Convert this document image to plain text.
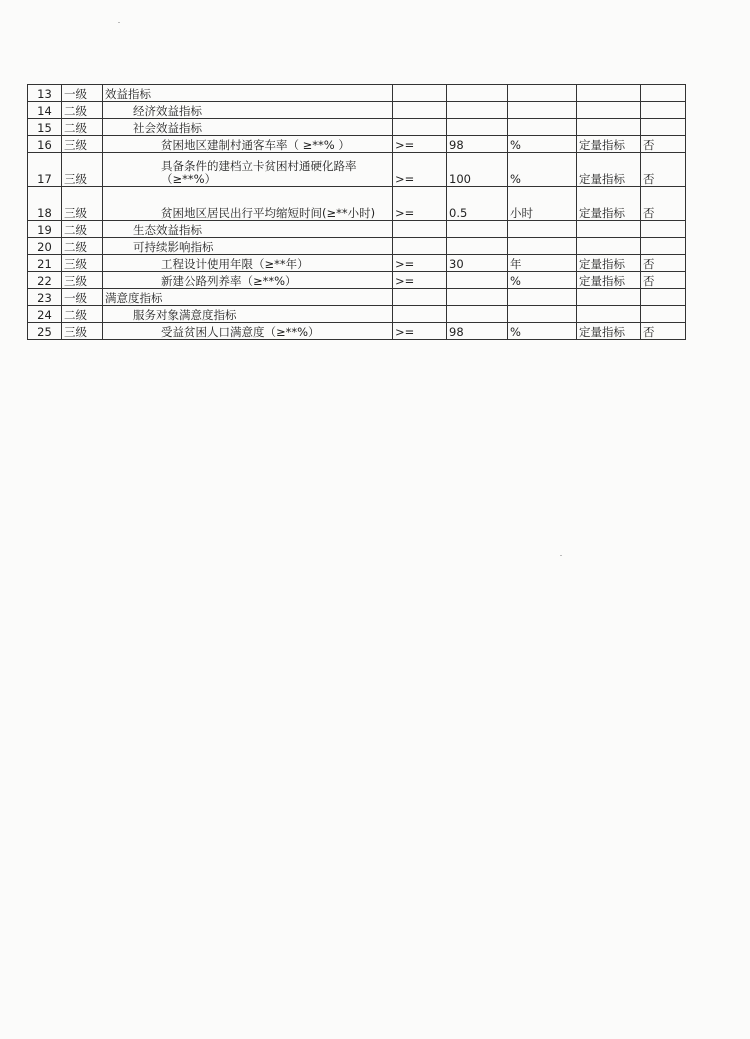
13	一级	效益指标					
14	二级	经济效益指标					
15	二级	社会效益指标					
16	三级	贫困地区建制村通客车率（ ≥**% ）	>=	98	%	定量指标	否
17	三级	具备条件的建档立卡贫困村通硬化路率（≥**%）	>=	100	%	定量指标	否
18	三级	贫困地区居民出行平均缩短时间(≥**小时)	>=	0.5	小时	定量指标	否
19	二级	生态效益指标					
20	二级	可持续影响指标					
21	三级	工程设计使用年限（≥**年）	>=	30	年	定量指标	否
22	三级	新建公路列养率（≥**%）	>=		%	定量指标	否
23	一级	满意度指标					
24	二级	服务对象满意度指标					
25	三级	受益贫困人口满意度（≥**%）	>=	98	%	定量指标	否
